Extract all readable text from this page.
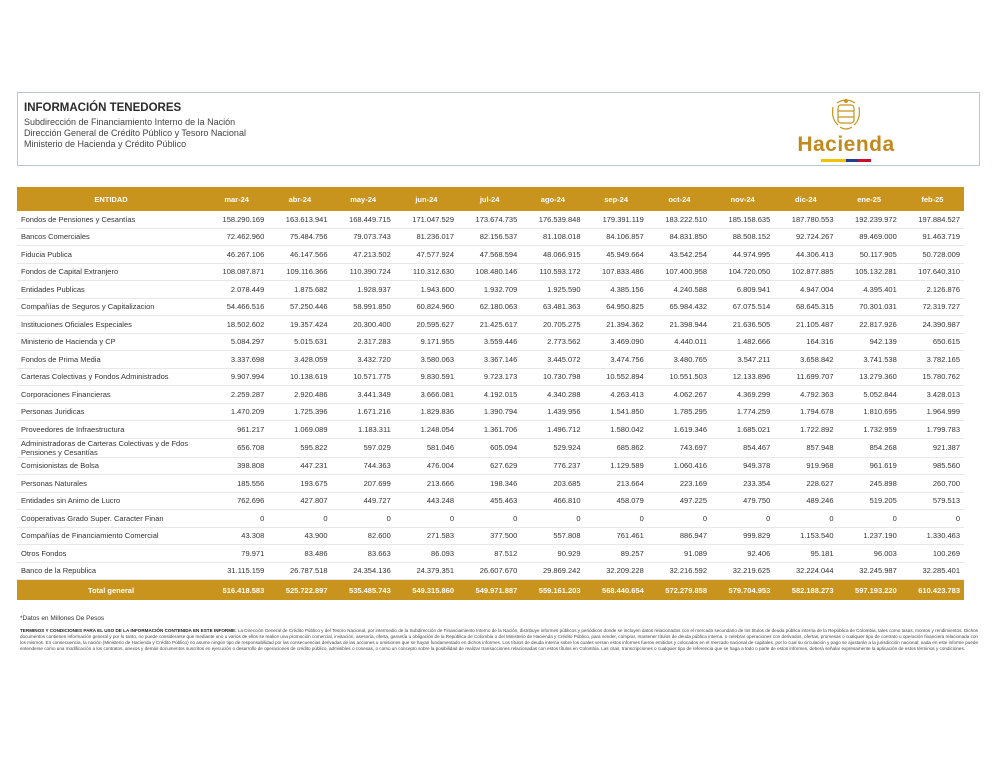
INFORMACIÓN TENEDORES
Subdirección de Financiamiento Interno de la Nación
Dirección General de Crédito Público y Tesoro Nacional
Ministerio de Hacienda y Crédito Público	Hacienda
ENTIDAD	mar-24	abr-24	may-24	jun-24	jul-24	ago-24	sep-24	oct-24	nov-24	dic-24	ene-25	feb-25
Fondos de Pensiones y Cesantías	158.290.169	163.613.941	168.449.715	171.047.529	173.674.735	176.539.848	179.391.119	183.222.510	185.158.635	187.780.553	192.239.972	197.884.527
Bancos Comerciales	72.462.960	75.484.756	79.073.743	81.236.017	82.156.537	81.108.018	84.106.857	84.831.850	88.508.152	92.724.267	89.469.000	91.463.719
Fiducia Publica	46.267.106	46.147.566	47.213.502	47.577.924	47.568.594	48.066.915	45.949.664	43.542.254	44.974.995	44.306.413	50.117.905	50.728.009
Fondos de Capital Extranjero	108.087.871	109.116.366	110.390.724	110.312.630	108.480.146	110.593.172	107.833.486	107.400.958	104.720.050	102.877.885	105.132.281	107.640.310
Entidades Publicas	2.078.449	1.875.682	1.928.937	1.943.600	1.932.709	1.925.590	4.385.156	4.240.588	6.809.941	4.947.004	4.395.401	2.126.876
Compañías de Seguros y Capitalizacion	54.466.516	57.250.446	58.991.850	60.824.960	62.180.063	63.481.363	64.950.825	65.984.432	67.075.514	68.645.315	70.301.031	72.319.727
Instituciones Oficiales Especiales	18.502.602	19.357.424	20.300.400	20.595.627	21.425.617	20.705.275	21.394.362	21.398.944	21.636.505	21.105.487	22.817.926	24.390.987
Ministerio de Hacienda y CP	5.084.297	5.015.631	2.317.283	9.171.955	3.559.446	2.773.562	3.469.090	4.440.011	1.482.666	164.316	942.139	650.615
Fondos de Prima Media	3.337.698	3.428.059	3.432.720	3.580.063	3.367.146	3.445.072	3.474.756	3.480.765	3.547.211	3.658.842	3.741.538	3.782.165
Carteras Colectivas y Fondos Administrados	9.907.994	10.138.619	10.571.775	9.830.591	9.723.173	10.730.798	10.552.894	10.551.503	12.133.896	11.699.707	13.279.360	15.780.762
Corporaciones Financieras	2.259.287	2.920.486	3.441.349	3.666.081	4.192.015	4.340.288	4.263.413	4.062.267	4.369.299	4.792.363	5.052.844	3.428.013
Personas Juridicas	1.470.209	1.725.396	1.671.216	1.829.836	1.390.794	1.439.956	1.541.850	1.785.295	1.774.259	1.794.678	1.810.695	1.964.999
Proveedores de Infraestructura	961.217	1.069.089	1.183.311	1.248.054	1.361.706	1.496.712	1.580.042	1.619.346	1.685.021	1.722.892	1.732.959	1.799.783
Administradoras de Carteras Colectivas y de Fdos Pensiones y Cesantías	656.708	595.822	597.029	581.046	605.094	529.924	685.862	743.697	854.467	857.948	854.268	921.387
Comisionistas de Bolsa	398.808	447.231	744.363	476.004	627.629	776.237	1.129.589	1.060.416	949.378	919.968	961.619	985.560
Personas Naturales	185.556	193.675	207.699	213.666	198.346	203.685	213.664	223.169	233.354	228.627	245.898	260.700
Entidades sin Animo de Lucro	762.696	427.807	449.727	443.248	455.463	466.810	458.079	497.225	479.750	489.246	519.205	579.513
Cooperativas Grado Super. Caracter Finan	0	0	0	0	0	0	0	0	0	0	0	0
Compañías de Financiamiento Comercial	43.308	43.900	82.600	271.583	377.500	557.808	761.461	886.947	999.829	1.153.540	1.237.190	1.330.463
Otros Fondos	79.971	83.486	83.663	86.093	87.512	90.929	89.257	91.089	92.406	95.181	96.003	100.269
Banco de la Republica	31.115.159	26.787.518	24.354.136	24.379.351	26.607.670	29.869.242	32.209.228	32.216.592	32.219.625	32.224.044	32.245.987	32.285.401
Total general	516.418.583	525.722.897	535.485.743	549.315.860	549.971.887	559.161.203	568.440.654	572.279.858	579.704.953	582.188.273	597.193.220	610.423.783
*Datos en Millones De Pesos
TERMINOS Y CONDICIONES PARA EL USO DE LA INFORMACIÓN CONTENIDA EN ESTE INFORME: La Dirección General de Crédito Público y del Tesoro Nacional, por intermedio de la Subdirección de Financiamiento Interno de la Nación, distribuye informes públicos y periódicos donde se incluyen datos relacionados con el mercado secundario de los títulos de deuda pública interna de la República de Colombia, tales como tasas, montos y rendimientos. Dichos documentos contienen información general y por lo tanto, no puede considerarse que mediante uno u varios de ellos se realice una promoción comercial, invitación, asesoría, oferta, garantía u obligación de la República de Colombia o del Ministerio de Hacienda y Crédito Público, para vender, comprar, mantener títulos de deuda pública interna, o celebrar operaciones con derivados, ofertas, promesas o cualquier tipo de contrato u operación financiera relacionada con los mismos. En consecuencia, la nación (Ministerio de Hacienda y Crédito Público) no asume ningún tipo de responsabilidad por las consecuencias derivadas de las acciones u omisiones que se hayan fundamentado en dichos informes. Los títulos de deuda interna sobre los cuales versan estos informes fueron emitidos y colocados en el mercado nacional de capitales, por lo cual su circulación y pago se ajustarán a la jurisdicción nacional; nada en este informe puede entenderse como una modificación a los contratos, anexos y demás documentos suscritos en ejecución o desarrollo de operaciones de crédito público, admisibles o conexas, o como un concepto sobre la posibilidad de realizar transacciones relacionadas con estos títulos en Colombia. Las citas, transcripciones o cualquier tipo de referencia que se haga a todo o parte de estos informes, deberá señalar expresamente la aplicación de estos términos y condiciones.
